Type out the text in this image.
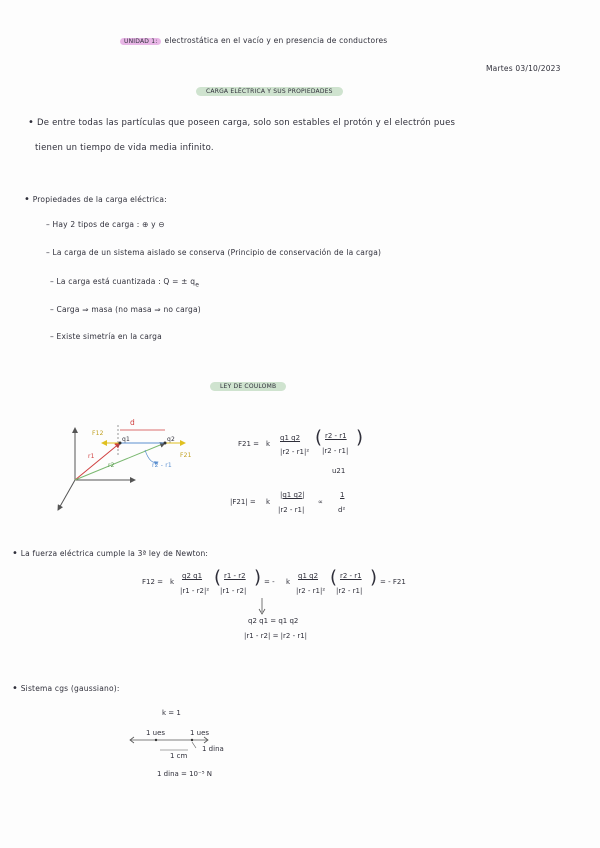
UNIDAD 1: electrostática en el vacío y en presencia de conductores
Martes 03/10/2023
CARGA ELÉCTRICA Y SUS PROPIEDADES
• De entre todas las partículas que poseen carga, solo son estables el protón y el electrón pues
tienen un tiempo de vida media infinito.
• Propiedades de la carga eléctrica:
– Hay 2 tipos de carga : ⊕ y ⊖
– La carga de un sistema aislado se conserva (Principio de conservación de la carga)
– La carga está cuantizada : Q = ± $q_e$
– Carga ⇒ masa (no masa ⇒ no carga)
– Existe simetría en la carga
LEY DE COULOMB
d
q1	q2
F12
F21
r1
r2	r2 - r1
F21 = k
q1 q2
|r2 - r1|²
( r2 - r1
|r2 - r1|
)
u21
|F21| = k
|q1 q2|
|r2 - r1|
∝
1
d²
• La fuerza eléctrica cumple la 3ª ley de Newton:
F12 = k
q2 q1
|r1 - r2|²
( r1 - r2
|r1 - r2|
) = - k
q1 q2
|r2 - r1|²
( r2 - r1
|r2 - r1|
) = - F21
q2 q1 = q1 q2
|r1 - r2| = |r2 - r1|
• Sistema cgs (gaussiano):
k = 1
1 ues	1 ues
1 cm
1 dina
1 dina = 10⁻⁵ N
